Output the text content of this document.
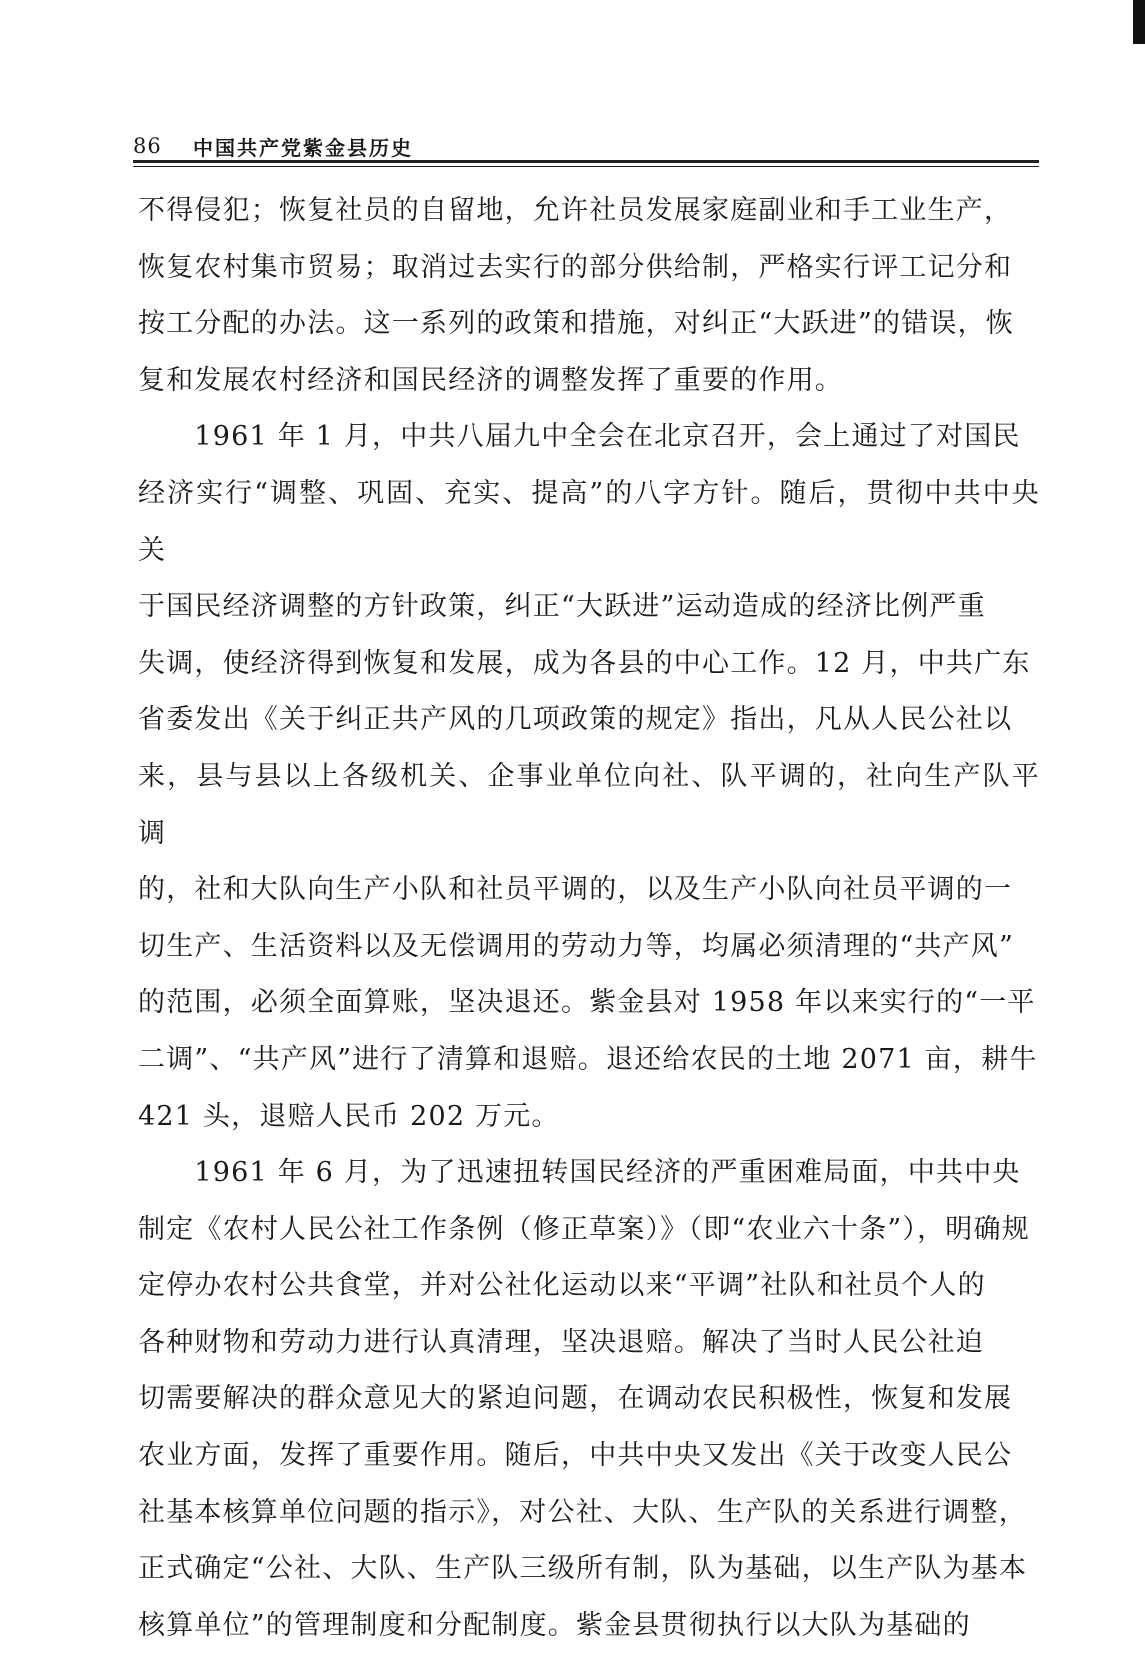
86 中国共产党紫金县历史

不得侵犯；恢复社员的自留地，允许社员发展家庭副业和手工业生产，
恢复农村集市贸易；取消过去实行的部分供给制，严格实行评工记分和
按工分配的办法。这一系列的政策和措施，对纠正“大跃进”的错误，恢
复和发展农村经济和国民经济的调整发挥了重要的作用。

　　1961 年 1 月，中共八届九中全会在北京召开，会上通过了对国民
经济实行“调整、巩固、充实、提高”的八字方针。随后，贯彻中共中央关
于国民经济调整的方针政策，纠正“大跃进”运动造成的经济比例严重
失调，使经济得到恢复和发展，成为各县的中心工作。12 月，中共广东
省委发出《关于纠正共产风的几项政策的规定》指出，凡从人民公社以
来，县与县以上各级机关、企事业单位向社、队平调的，社向生产队平调
的，社和大队向生产小队和社员平调的，以及生产小队向社员平调的一
切生产、生活资料以及无偿调用的劳动力等，均属必须清理的“共产风”
的范围，必须全面算账，坚决退还。紫金县对 1958 年以来实行的“一平
二调”、“共产风”进行了清算和退赔。退还给农民的土地 2071 亩，耕牛
421 头，退赔人民币 202 万元。

　　1961 年 6 月，为了迅速扭转国民经济的严重困难局面，中共中央
制定《农村人民公社工作条例（修正草案）》（即“农业六十条”），明确规
定停办农村公共食堂，并对公社化运动以来“平调”社队和社员个人的
各种财物和劳动力进行认真清理，坚决退赔。解决了当时人民公社迫
切需要解决的群众意见大的紧迫问题，在调动农民积极性，恢复和发展
农业方面，发挥了重要作用。随后，中共中央又发出《关于改变人民公
社基本核算单位问题的指示》，对公社、大队、生产队的关系进行调整，
正式确定“公社、大队、生产队三级所有制，队为基础，以生产队为基本
核算单位”的管理制度和分配制度。紫金县贯彻执行以大队为基础的
